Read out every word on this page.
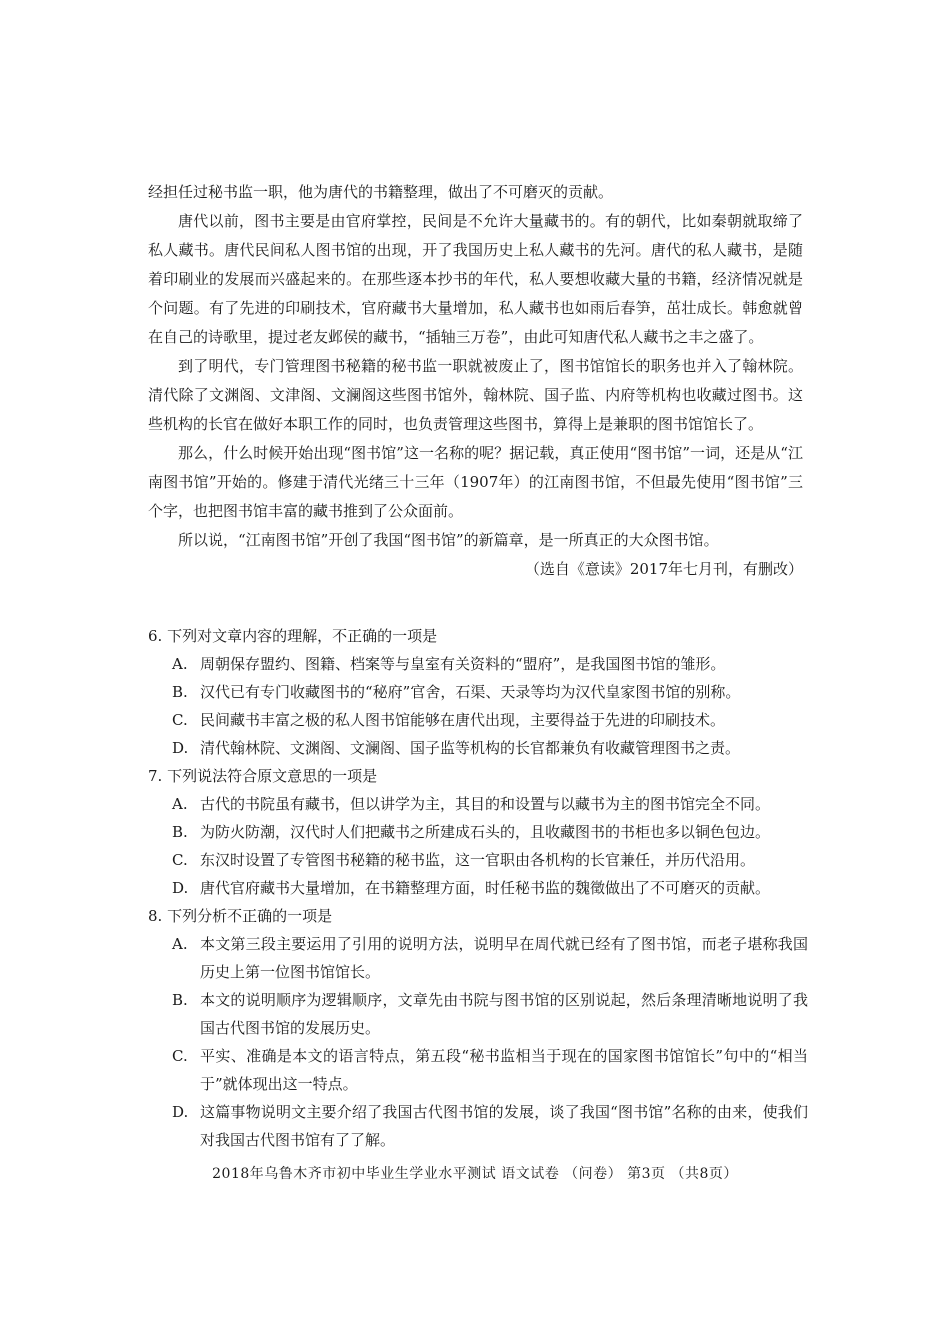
经担任过秘书监一职，他为唐代的书籍整理，做出了不可磨灭的贡献。

唐代以前，图书主要是由官府掌控，民间是不允许大量藏书的。有的朝代，比如秦朝就取缔了私人藏书。唐代民间私人图书馆的出现，开了我国历史上私人藏书的先河。唐代的私人藏书，是随着印刷业的发展而兴盛起来的。在那些逐本抄书的年代，私人要想收藏大量的书籍，经济情况就是个问题。有了先进的印刷技术，官府藏书大量增加，私人藏书也如雨后春笋，茁壮成长。韩愈就曾在自己的诗歌里，提过老友邺侯的藏书，“插轴三万卷”，由此可知唐代私人藏书之丰之盛了。

到了明代，专门管理图书秘籍的秘书监一职就被废止了，图书馆馆长的职务也并入了翰林院。清代除了文渊阁、文津阁、文澜阁这些图书馆外，翰林院、国子监、内府等机构也收藏过图书。这些机构的长官在做好本职工作的同时，也负责管理这些图书，算得上是兼职的图书馆馆长了。

那么，什么时候开始出现“图书馆”这一名称的呢？据记载，真正使用“图书馆”一词，还是从“江南图书馆”开始的。修建于清代光绪三十三年（1907年）的江南图书馆，不但最先使用“图书馆”三个字，也把图书馆丰富的藏书推到了公众面前。

所以说，“江南图书馆”开创了我国“图书馆”的新篇章，是一所真正的大众图书馆。

（选自《意读》2017年七月刊，有删改）

6. 下列对文章内容的理解，不正确的一项是

A. 周朝保存盟约、图籍、档案等与皇室有关资料的“盟府”，是我国图书馆的雏形。
B. 汉代已有专门收藏图书的“秘府”官舍，石渠、天录等均为汉代皇家图书馆的别称。
C. 民间藏书丰富之极的私人图书馆能够在唐代出现，主要得益于先进的印刷技术。
D. 清代翰林院、文渊阁、文澜阁、国子监等机构的长官都兼负有收藏管理图书之责。

7. 下列说法符合原文意思的一项是

A. 古代的书院虽有藏书，但以讲学为主，其目的和设置与以藏书为主的图书馆完全不同。
B. 为防火防潮，汉代时人们把藏书之所建成石头的，且收藏图书的书柜也多以铜色包边。
C. 东汉时设置了专管图书秘籍的秘书监，这一官职由各机构的长官兼任，并历代沿用。
D. 唐代官府藏书大量增加，在书籍整理方面，时任秘书监的魏徵做出了不可磨灭的贡献。

8. 下列分析不正确的一项是

A. 本文第三段主要运用了引用的说明方法，说明早在周代就已经有了图书馆，而老子堪称我国历史上第一位图书馆馆长。
B. 本文的说明顺序为逻辑顺序，文章先由书院与图书馆的区别说起，然后条理清晰地说明了我国古代图书馆的发展历史。
C. 平实、准确是本文的语言特点，第五段“秘书监相当于现在的国家图书馆馆长”句中的“相当于”就体现出这一特点。
D. 这篇事物说明文主要介绍了我国古代图书馆的发展，谈了我国“图书馆”名称的由来，使我们对我国古代图书馆有了了解。
2018年乌鲁木齐市初中毕业生学业水平测试 语文试卷 （问卷） 第3页 （共8页）
